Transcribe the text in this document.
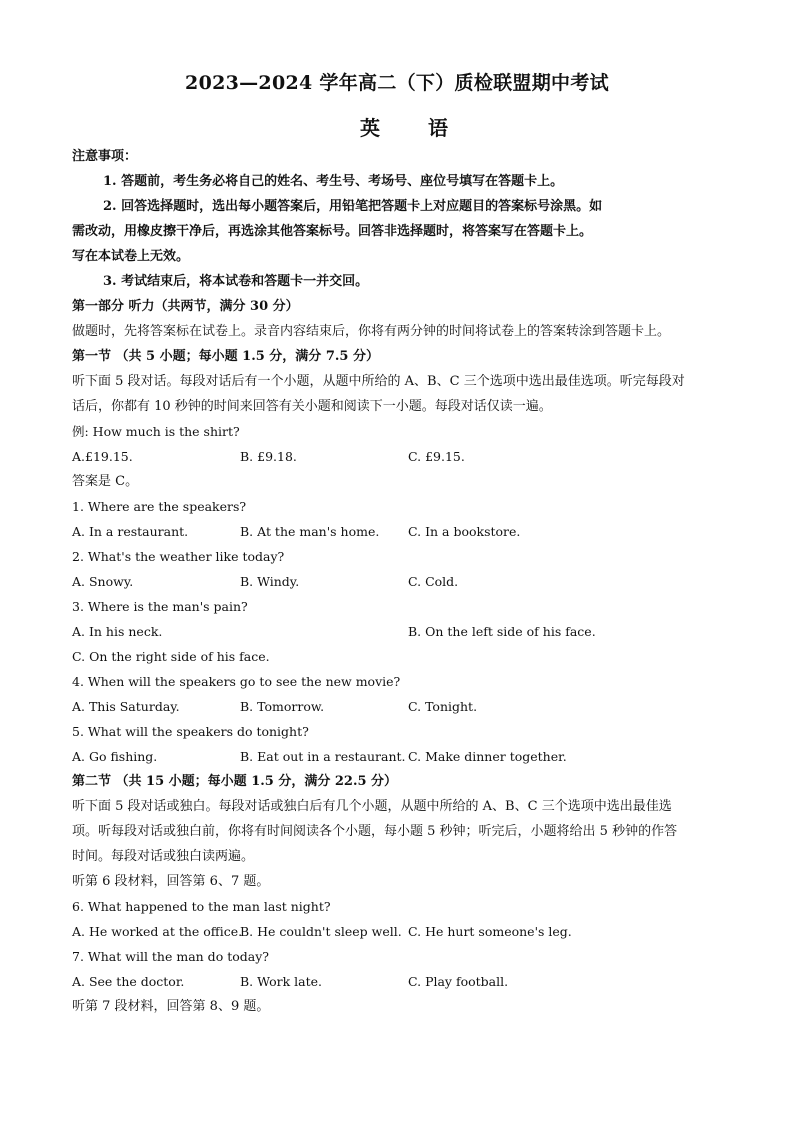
2023—2024 学年高二（下）质检联盟期中考试
英　语
注意事项：
1. 答题前，考生务必将自己的姓名、考生号、考场号、座位号填写在答题卡上。
2. 回答选择题时，选出每小题答案后，用铅笔把答题卡上对应题目的答案标号涂黑。如
需改动，用橡皮擦干净后，再选涂其他答案标号。回答非选择题时，将答案写在答题卡上。
写在本试卷上无效。
3. 考试结束后，将本试卷和答题卡一并交回。
第一部分 听力（共两节，满分 30 分）
做题时，先将答案标在试卷上。录音内容结束后，你将有两分钟的时间将试卷上的答案转涂到答题卡上。
第一节 （共 5 小题；每小题 1.5 分，满分 7.5 分）
听下面 5 段对话。每段对话后有一个小题，从题中所给的 A、B、C 三个选项中选出最佳选项。听完每段对
话后，你都有 10 秒钟的时间来回答有关小题和阅读下一小题。每段对话仅读一遍。
例: How much is the shirt?
A.£19.15.	B. £9.18.	C. £9.15.
答案是 C。
1. Where are the speakers?
A. In a restaurant.	B. At the man's home.	C. In a bookstore.
2. What's the weather like today?
A. Snowy.	B. Windy.	C. Cold.
3. Where is the man's pain?
A. In his neck.	B. On the left side of his face.
C. On the right side of his face.
4. When will the speakers go to see the new movie?
A. This Saturday.	B. Tomorrow.	C. Tonight.
5. What will the speakers do tonight?
A. Go fishing.	B. Eat out in a restaurant. C. Make dinner together.
第二节 （共 15 小题；每小题 1.5 分，满分 22.5 分）
听下面 5 段对话或独白。每段对话或独白后有几个小题，从题中所给的 A、B、C 三个选项中选出最佳选
项。听每段对话或独白前，你将有时间阅读各个小题，每小题 5 秒钟；听完后，小题将给出 5 秒钟的作答
时间。每段对话或独白读两遍。
听第 6 段材料，回答第 6、7 题。
6. What happened to the man last night?
A. He worked at the office.
B. He couldn't sleep well. C. He hurt someone's leg.
7. What will the man do today?
A. See the doctor.	B. Work late.	C. Play football.
听第 7 段材料，回答第 8、9 题。
